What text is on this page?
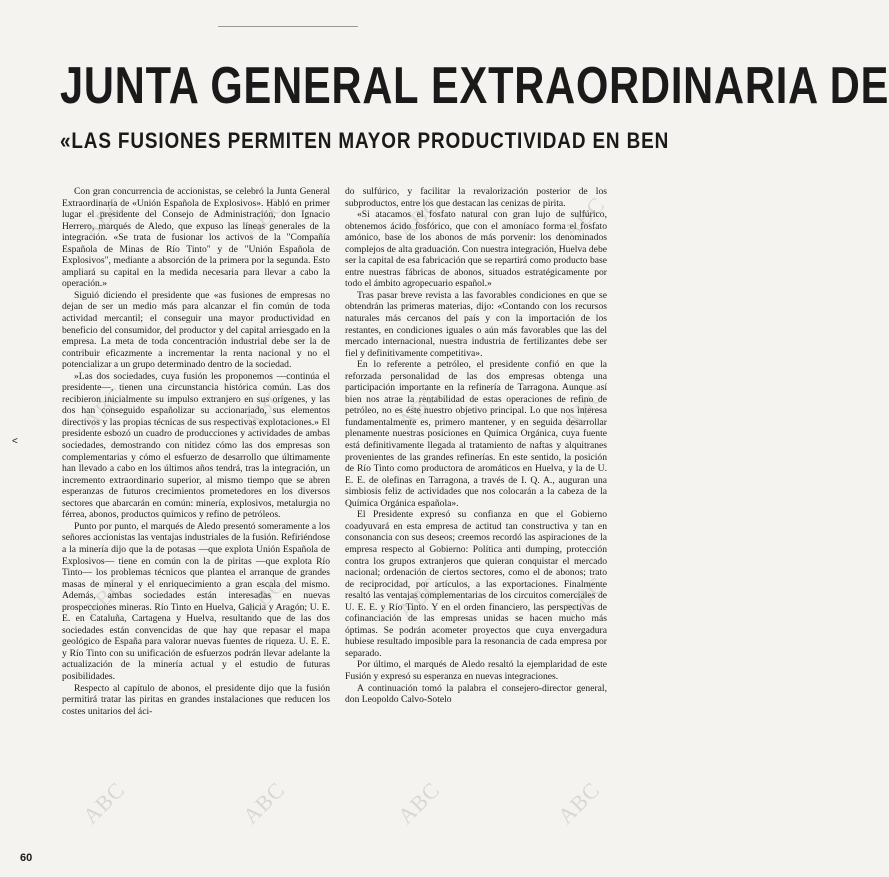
JUNTA GENERAL EXTRAORDINARIA DE
«LAS FUSIONES PERMITEN MAYOR PRODUCTIVIDAD EN BEN

Con gran concurrencia de accionistas, se celebró la Junta General Extraordinaria de «Unión Española de Explosivos». Habló en primer lugar el presidente del Consejo de Administración, don Ignacio Herrero, marqués de Aledo, que expuso las líneas generales de la integración. «Se trata de fusionar los activos de la "Compañía Española de Minas de Río Tinto" y de "Unión Española de Explosivos", mediante a absorción de la primera por la segunda. Esto ampliará su capital en la medida necesaria para llevar a cabo la operación.»

Siguió diciendo el presidente que «as fusiones de empresas no dejan de ser un medio más para alcanzar el fin común de toda actividad mercantil; el conseguir una mayor productividad en beneficio del consumidor, del productor y del capital arriesgado en la empresa. La meta de toda concentración industrial debe ser la de contribuir eficazmente a incrementar la renta nacional y no el potencializar a un grupo determinado dentro de la sociedad.

»Las dos sociedades, cuya fusión les proponemos —continúa el presidente—, tienen una circunstancia histórica común. Las dos recibieron inicialmente su impulso extranjero en sus orígenes, y las dos han conseguido españolizar su accionariado, sus elementos directivos y las propias técnicas de sus respectivas explotaciones.» El presidente esbozó un cuadro de producciones y actividades de ambas sociedades, demostrando con nitidez cómo las dos empresas son complementarias y cómo el esfuerzo de desarrollo que últimamente han llevado a cabo en los últimos años tendrá, tras la integración, un incremento extraordinario superior, al mismo tiempo que se abren esperanzas de futuros crecimientos prometedores en los diversos sectores que abarcarán en común: minería, explosivos, metalurgia no férrea, abonos, productos químicos y refino de petróleos.

Punto por punto, el marqués de Aledo presentó someramente a los señores accionistas las ventajas industriales de la fusión. Refiriéndose a la minería dijo que la de potasas —que explota Unión Española de Explosivos— tiene en común con la de piritas —que explota Río Tinto— los problemas técnicos que plantea el arranque de grandes masas de mineral y el enriquecimiento a gran escala del mismo. Además, ambas sociedades están interesadas en nuevas prospecciones mineras. Río Tinto en Huelva, Galicia y Aragón; U. E. E. en Cataluña, Cartagena y Huelva, resultando que de las dos sociedades están convencidas de que hay que repasar el mapa geológico de España para valorar nuevas fuentes de riqueza. U. E. E. y Río Tinto con su unificación de esfuerzos podrán llevar adelante la actualización de la minería actual y el estudio de futuras posibilidades.

Respecto al capítulo de abonos, el presidente dijo que la fusión permitirá tratar las piritas en grandes instalaciones que reducen los costes unitarios del áci-

do sulfúrico, y facilitar la revalorización posterior de los subproductos, entre los que destacan las cenizas de pirita.

«Si atacamos el fosfato natural con gran lujo de sulfúrico, obtenemos ácido fosfórico, que con el amoníaco forma el fosfato amónico, base de los abonos de más porvenir: los denominados complejos de alta graduación. Con nuestra integración, Huelva debe ser la capital de esa fabricación que se repartirá como producto base entre nuestras fábricas de abonos, situados estratégicamente por todo el ámbito agropecuario español.»

Tras pasar breve revista a las favorables condiciones en que se obtendrán las primeras materias, dijo: «Contando con los recursos naturales más cercanos del país y con la importación de los restantes, en condiciones iguales o aún más favorables que las del mercado internacional, nuestra industria de fertilizantes debe ser fiel y definitivamente competitiva».

En lo referente a petróleo, el presidente confió en que la reforzada personalidad de las dos empresas obtenga una participación importante en la refinería de Tarragona. Aunque así bien nos atrae la rentabilidad de estas operaciones de refino de petróleo, no es éste nuestro objetivo principal. Lo que nos interesa fundamentalmente es, primero mantener, y en seguida desarrollar plenamente nuestras posiciones en Química Orgánica, cuya fuente está definitivamente llegada al tratamiento de naftas y alquitranes provenientes de las grandes refinerías. En este sentido, la posición de Río Tinto como productora de aromáticos en Huelva, y la de U. E. E. de olefinas en Tarragona, a través de I. Q. A., auguran una simbiosis feliz de actividades que nos colocarán a la cabeza de la Química Orgánica española».

El Presidente expresó su confianza en que el Gobierno coadyuvará en esta empresa de actitud tan constructiva y tan en consonancia con sus deseos; creemos recordó las aspiraciones de la empresa respecto al Gobierno: Política anti dumping, protección contra los grupos extranjeros que quieran conquistar el mercado nacional; ordenación de ciertos sectores, como el de abonos; trato de reciprocidad, por artículos, a las exportaciones. Finalmente resaltó las ventajas complementarias de los circuitos comerciales de U. E. E. y Río Tinto. Y en el orden financiero, las perspectivas de cofinanciación de las empresas unidas se hacen mucho más óptimas. Se podrán acometer proyectos que cuya envergadura hubiese resultado imposible para la resonancia de cada empresa por separado.

Por último, el marqués de Aledo resaltó la ejemplaridad de este Fusión y expresó su esperanza en nuevas integraciones.

A continuación tomó la palabra el consejero-director general, don Leopoldo Calvo-Sotelo

<
60
ABC	ABC	ABC	ABC
ABC	ABC	ABC	ABC
ABC	ABC	ABC	ABC
ABC	ABC	ABC	ABC
